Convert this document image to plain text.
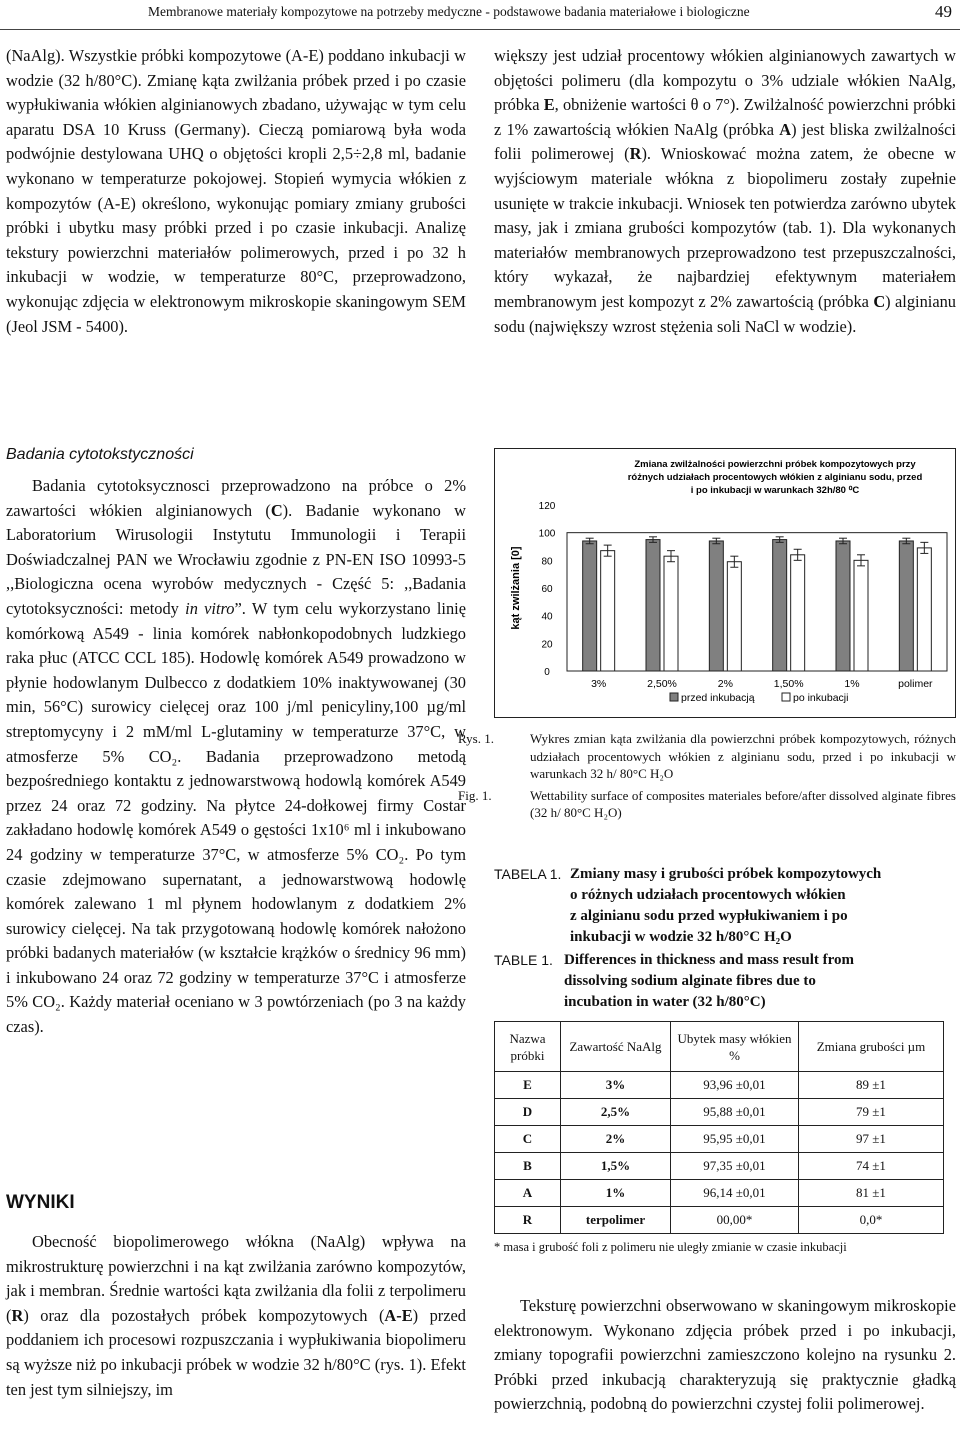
Membranowe materiały kompozytowe na potrzeby medyczne - podstawowe badania materiałowe i biologiczne	49
(NaAlg). Wszystkie próbki kompozytowe (A-E) poddano inkubacji w wodzie (32 h/80°C). Zmianę kąta zwilżania próbek przed i po czasie wypłukiwania włókien alginianowych zbadano, używając w tym celu aparatu DSA 10 Kruss (Germany). Cieczą pomiarową była woda podwójnie destylowana UHQ o objętości kropli 2,5÷2,8 ml, badanie wykonano w temperaturze pokojowej. Stopień wymycia włókien z kompozytów (A-E) określono, wykonując pomiary zmiany grubości próbki i ubytku masy próbki przed i po czasie inkubacji. Analizę tekstury powierzchni materiałów polimerowych, przed i po 32 h inkubacji w wodzie, w temperaturze 80°C, przeprowadzono, wykonując zdjęcia w elektronowym mikroskopie skaningowym SEM (Jeol JSM - 5400).
Badania cytotokstyczności
Badania cytotoksycznosci przeprowadzono na próbce o 2% zawartości włókien alginianowych (C). Badanie wykonano w Laboratorium Wirusologii Instytutu Immunologii i Terapii Doświadczalnej PAN we Wrocławiu zgodnie z PN-EN ISO 10993-5 ,,Biologiczna ocena wyrobów medycznych - Część 5: ,,Badania cytotoksyczności: metody in vitro”. W tym celu wykorzystano linię komórkową A549 - linia komórek nabłonkopodobnych ludzkiego raka płuc (ATCC CCL 185). Hodowlę komórek A549 prowadzono w płynie hodowlanym Dulbecco z dodatkiem 10% inaktywowanej (30 min, 56°C) surowicy cielęcej oraz 100 j/ml penicyliny,100 µg/ml streptomycyny i 2 mM/ml L-glutaminy w temperaturze 37°C, w atmosferze 5% CO₂. Badania przeprowadzono metodą bezpośredniego kontaktu z jednowarstwową hodowlą komórek A549 przez 24 oraz 72 godziny. Na płytce 24-dołkowej firmy Costar zakładano hodowlę komórek A549 o gęstości 1x10⁶ ml i inkubowano 24 godziny w temperaturze 37°C, w atmosferze 5% CO₂. Po tym czasie zdejmowano supernatant, a jednowarstwową hodowlę komórek zalewano 1 ml płynem hodowlanym z dodatkiem 2% surowicy cielęcej. Na tak przygotowaną hodowlę komórek nałożono próbki badanych materiałów (w kształcie krążków o średnicy 96 mm) i inkubowano 24 oraz 72 godziny w temperaturze 37°C i atmosferze 5% CO₂. Każdy materiał oceniano w 3 powtórzeniach (po 3 na każdy czas).
WYNIKI
Obecność biopolimerowego włókna (NaAlg) wpływa na mikrostrukturę powierzchni i na kąt zwilżania zarówno kompozytów, jak i membran. Średnie wartości kąta zwilżania dla folii z terpolimeru (R) oraz dla pozostałych próbek kompozytowych (A-E) przed poddaniem ich procesowi rozpuszczania i wypłukiwania biopolimeru są wyższe niż po inkubacji próbek w wodzie 32 h/80°C (rys. 1). Efekt ten jest tym silniejszy, im
większy jest udział procentowy włókien alginianowych zawartych w objętości polimeru (dla kompozytu o 3% udziale włókien NaAlg, próbka E, obniżenie wartości θ o 7°). Zwilżalność powierzchni próbki z 1% zawartością włókien NaAlg (próbka A) jest bliska zwilżalności folii polimerowej (R). Wnioskować można zatem, że obecne w wyjściowym materiale włókna z biopolimeru zostały zupełnie usunięte w trakcie inkubacji. Wniosek ten potwierdza zarówno ubytek masy, jak i zmiana grubości kompozytów (tab. 1). Dla wykonanych materiałów membranowych przeprowadzono test przepuszczalności, który wykazał, że najbardziej efektywnym materiałem membranowym jest kompozyt z 2% zawartością (próbka C) alginianu sodu (największy wzrost stężenia soli NaCl w wodzie).
Zmiana zwilżalności powierzchni próbek kompozytowych przy
różnych udziałach procentowych włókien z alginianu sodu, przed
i po inkubacji w warunkach 32h/80 ⁰C
kąt zwilżania [0]
0
20
40
60
80
100
120
3%	2,50%	2%	1,50%	1%	polimer
przed inkubacją	po inkubacji
Rys. 1.	Wykres zmian kąta zwilżania dla powierzchni próbek kompozytowych, różnych udziałach procentowych włókien z alginianu sodu, przed i po inkubacji w warunkach 32 h/ 80°C H₂O
Fig. 1.	Wettability surface of composites materiales before/after dissolved alginate fibres (32 h/ 80°C H₂O)
TABELA 1. Zmiany masy i grubości próbek kompozytowych
o różnych udziałach procentowych włókien
z alginianu sodu przed wypłukiwaniem i po
inkubacji w wodzie 32 h/80°C H₂O
TABLE 1. Differences in thickness and mass result from
dissolving sodium alginate fibres due to
incubation in water (32 h/80°C)
Nazwa próbki	Zawartość NaAlg	Ubytek masy włókien %	Zmiana grubości µm
E	3%	93,96 ±0,01	89 ±1
D	2,5%	95,88 ±0,01	79 ±1
C	2%	95,95 ±0,01	97 ±1
B	1,5%	97,35 ±0,01	74 ±1
A	1%	96,14 ±0,01	81 ±1
R	terpolimer	00,00*	0,0*
* masa i grubość foli z polimeru nie uległy zmianie w czasie inkubacji
Teksturę powierzchni obserwowano w skaningowym mikroskopie elektronowym. Wykonano zdjęcia próbek przed i po inkubacji, zmiany topografii powierzchni zamieszczono kolejno na rysunku 2. Próbki przed inkubacją charakteryzują się praktycznie gładką powierzchnią, podobną do powierzchni czystej folii polimerowej.
